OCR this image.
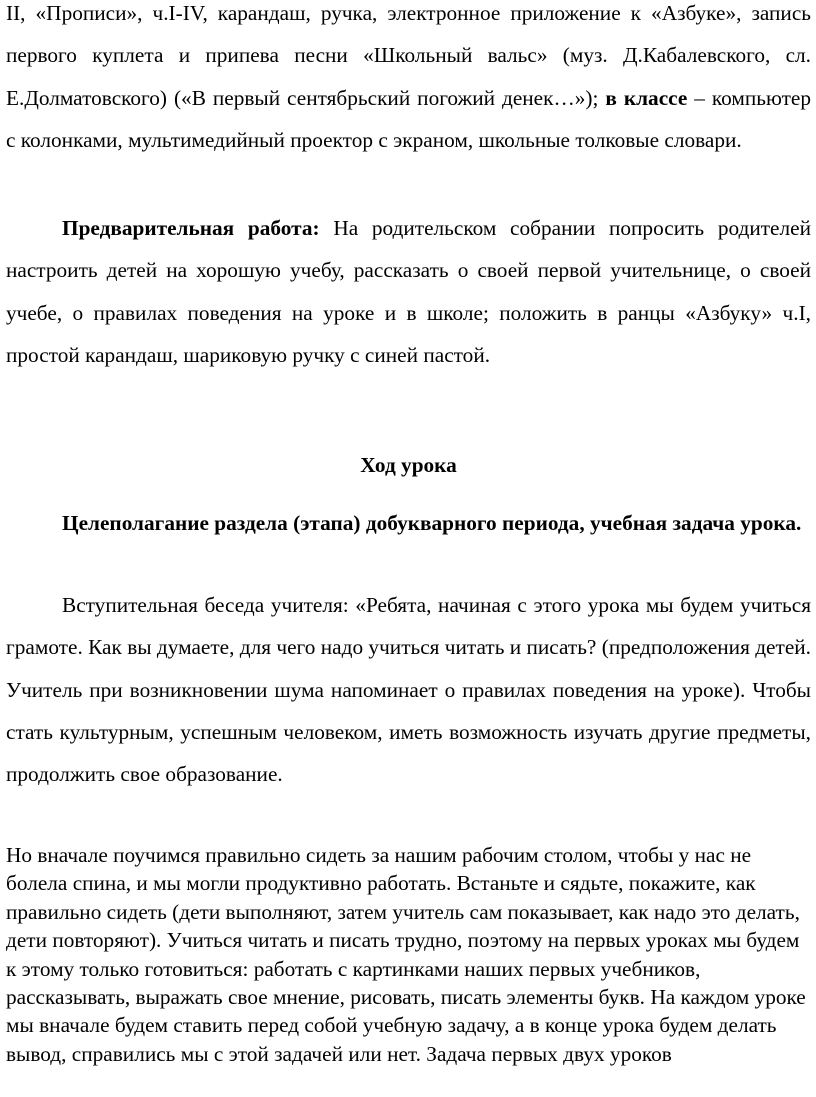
II, «Прописи», ч.I-IV, карандаш, ручка, электронное приложение к «Азбуке», запись первого куплета и припева песни «Школьный вальс» (муз. Д.Кабалевского, сл. Е.Долматовского) («В первый сентябрьский погожий денек…»); в классе – компьютер с колонками, мультимедийный проектор с экраном, школьные толковые словари.

Предварительная работа: На родительском собрании попросить родителей настроить детей на хорошую учебу, рассказать о своей первой учительнице, о своей учебе, о правилах поведения на уроке и в школе; положить в ранцы «Азбуку» ч.I, простой карандаш, шариковую ручку с синей пастой.

Ход урока

Целеполагание раздела (этапа) добукварного периода, учебная задача урока.

Вступительная беседа учителя: «Ребята, начиная с этого урока мы будем учиться грамоте. Как вы думаете, для чего надо учиться читать и писать? (предположения детей. Учитель при возникновении шума напоминает о правилах поведения на уроке). Чтобы стать культурным, успешным человеком, иметь возможность изучать другие предметы, продолжить свое образование.

Но вначале поучимся правильно сидеть за нашим рабочим столом, чтобы у нас не болела спина, и мы могли продуктивно работать. Встаньте и сядьте, покажите, как правильно сидеть (дети выполняют, затем учитель сам показывает, как надо это делать, дети повторяют). Учиться читать и писать трудно, поэтому на первых уроках мы будем к этому только готовиться: работать с картинками наших первых учебников, рассказывать, выражать свое мнение, рисовать, писать элементы букв. На каждом уроке мы вначале будем ставить перед собой учебную задачу, а в конце урока будем делать вывод, справились мы с этой задачей или нет. Задача первых двух уроков
